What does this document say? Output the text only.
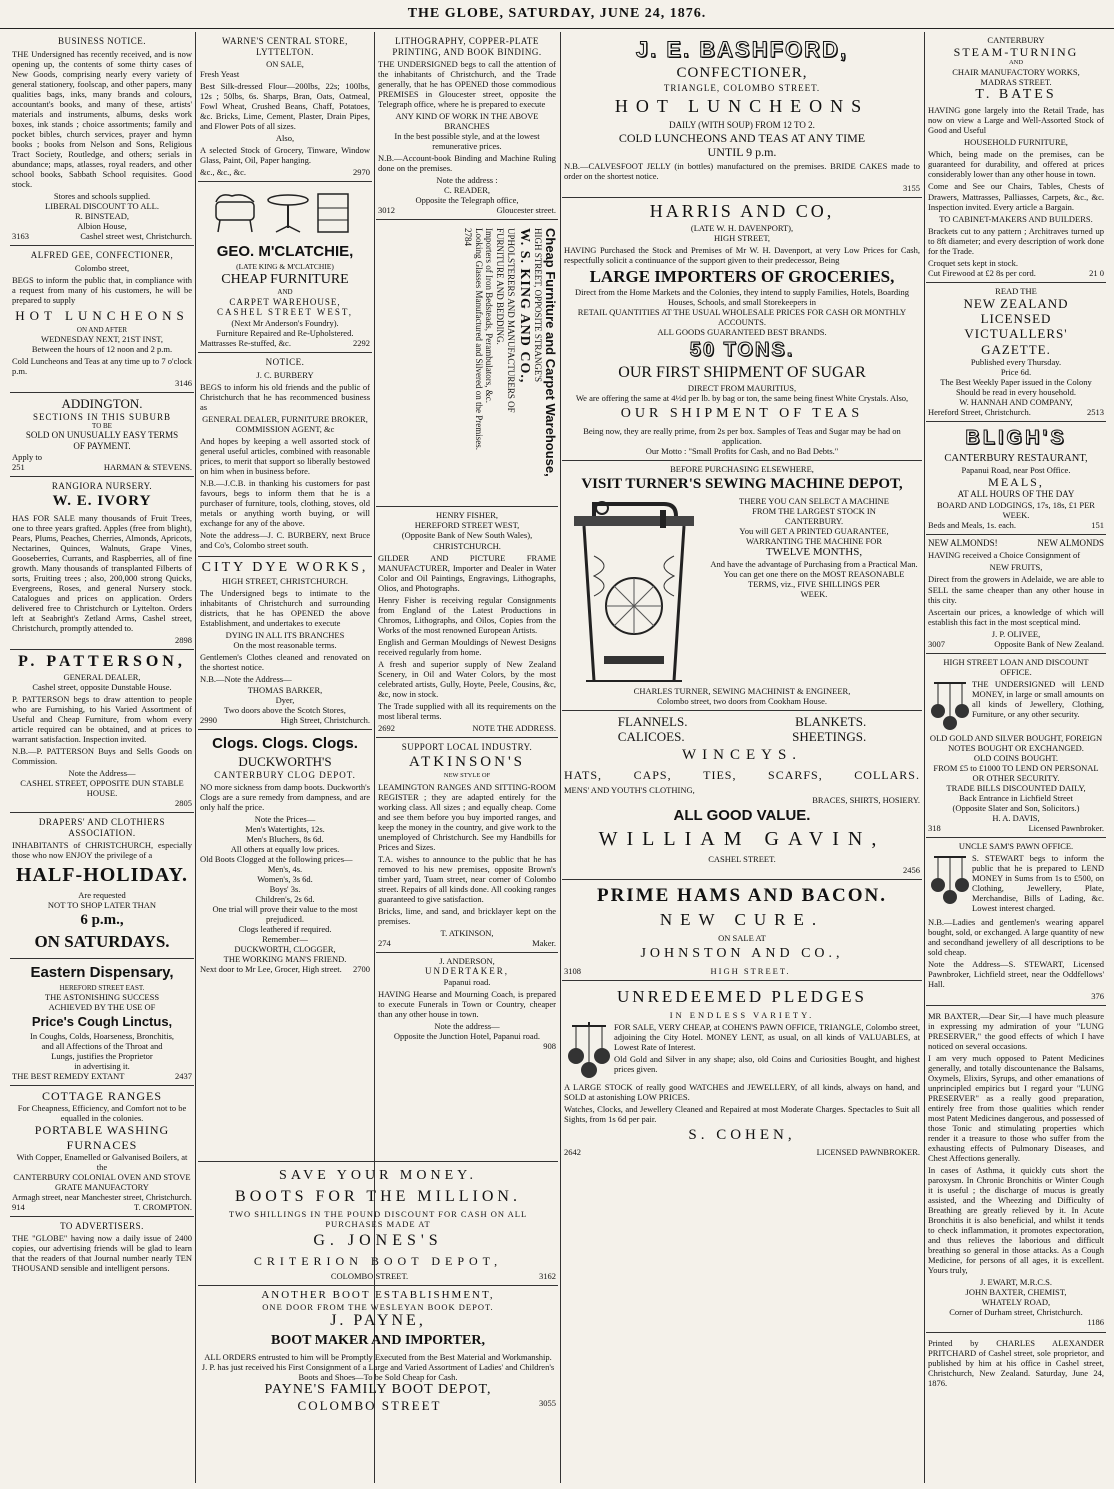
THE GLOBE, SATURDAY, JUNE 24, 1876.
BUSINESS NOTICE.
THE Undersigned has recently received, and is now opening up, the contents of some thirty cases of New Goods, comprising nearly every variety of general stationery, foolscap, and other papers, many qualities bags, inks, many brands and colours, accountant's books, and many of these, artists' materials and instruments, albums, desks work boxes, ink stands ; choice assortments; family and pocket bibles, church services, prayer and hymn books ; books from Nelson and Sons, Religious Tract Society, Routledge, and others; serials in abundance; maps, atlasses, royal readers, and other school books, Sabbath School requisites. Good stock.
Stores and schools supplied.
LIBERAL DISCOUNT TO ALL.
R. BINSTEAD,
Albion House,
3163	Cashel street west, Christchurch.
ALFRED GEE, CONFECTIONER,
Colombo street,
BEGS to inform the public that, in compliance with a request from many of his customers, he will be prepared to supply
HOT LUNCHEONS
ON AND AFTER
WEDNESDAY NEXT, 21ST INST,
Between the hours of 12 noon and 2 p.m.
Cold Luncheons and Teas at any time up to 7 o'clock p.m.
3146
ADDINGTON.
SECTIONS IN THIS SUBURB
TO BE
SOLD ON UNUSUALLY EASY TERMS
OF PAYMENT.
Apply to
251	HARMAN & STEVENS.
RANGIORA NURSERY.
W. E. IVORY
HAS FOR SALE many thousands of Fruit Trees, one to three years grafted. Apples (free from blight), Pears, Plums, Peaches, Cherries, Almonds, Apricots, Nectarines, Quinces, Walnuts, Grape Vines, Gooseberries, Currants, and Raspberries, all of fine growth. Many thousands of transplanted Filberts of sorts, Fruiting trees ; also, 200,000 strong Quicks, Evergreens, Roses, and general Nursery stock. Catalogues and prices on application. Orders delivered free to Christchurch or Lyttelton. Orders left at Seabright's Zetland Arms, Cashel street, Christchurch, promptly attended to.
2898
P. PATTERSON,
GENERAL DEALER,
Cashel street, opposite Dunstable House.
P. PATTERSON begs to draw attention to people who are Furnishing, to his Varied Assortment of Useful and Cheap Furniture, from whom every article required can be obtained, and at prices to warrant satisfaction. Inspection invited.
N.B.—P. PATTERSON Buys and Sells Goods on Commission.
Note the Address—
CASHEL STREET, OPPOSITE DUN STABLE HOUSE.
2805
DRAPERS' AND CLOTHIERS ASSOCIATION.
INHABITANTS of CHRISTCHURCH, especially those who now ENJOY the privilege of a
HALF-HOLIDAY.
Are requested
NOT TO SHOP LATER THAN
6 p.m.,
ON SATURDAYS.
Eastern Dispensary,
HEREFORD STREET EAST.
THE ASTONISHING SUCCESS
ACHIEVED BY THE USE OF
Price's Cough Linctus,
In Coughs, Colds, Hoarseness, Bronchitis,
and all Affections of the Throat and
Lungs, justifies the Proprietor
in advertising it.
THE BEST REMEDY EXTANT	2437
COTTAGE RANGES
For Cheapness, Efficiency, and Comfort not to be equalled in the colonies.
PORTABLE WASHING FURNACES
With Copper, Enamelled or Galvanised Boilers, at the
CANTERBURY COLONIAL OVEN AND STOVE GRATE MANUFACTORY
Armagh street, near Manchester street, Christchurch.
914	T. CROMPTON.
TO ADVERTISERS.
THE "GLOBE" having now a daily issue of 2400 copies, our advertising friends will be glad to learn that the readers of that Journal number nearly TEN THOUSAND sensible and intelligent persons.
WARNE'S CENTRAL STORE, LYTTELTON.
ON SALE,
Fresh Yeast
Best Silk-dressed Flour—200lbs, 22s; 100lbs, 12s ; 50lbs, 6s. Sharps, Bran, Oats, Oatmeal, Fowl Wheat, Crushed Beans, Chaff, Potatoes, &c. Bricks, Lime, Cement, Plaster, Drain Pipes, and Flower Pots of all sizes.
Also,
A selected Stock of Grocery, Tinware, Window Glass, Paint, Oil, Paper hanging.
&c., &c., &c.	2970
GEO. M'CLATCHIE,
(LATE KING & M'CLATCHIE)
CHEAP FURNITURE
AND
CARPET WAREHOUSE,
CASHEL STREET WEST,
(Next Mr Anderson's Foundry).
Furniture Repaired and Re-Upholstered.
Mattrasses Re-stuffed, &c.	2292
NOTICE.
J. C. BURBERY
BEGS to inform his old friends and the public of Christchurch that he has recommenced business as
GENERAL DEALER, FURNITURE BROKER, COMMISSION AGENT, &c
And hopes by keeping a well assorted stock of general useful articles, combined with reasonable prices, to merit that support so liberally bestowed on him when in business before.
N.B.—J.C.B. in thanking his customers for past favours, begs to inform them that he is a purchaser of furniture, tools, clothing, stoves, old metals or anything worth buying, or will exchange for any of the above.
Note the address—J. C. BURBERY, next Bruce and Co's, Colombo street south.
CITY DYE WORKS,
HIGH STREET, CHRISTCHURCH.
The Undersigned begs to intimate to the inhabitants of Christchurch and surrounding districts, that he has OPENED the above Establishment, and undertakes to execute
DYING IN ALL ITS BRANCHES
On the most reasonable terms.
Gentlemen's Clothes cleaned and renovated on the shortest notice.
N.B.—Note the Address—
THOMAS BARKER,
Dyer,
Two doors above the Scotch Stores,
2990	High Street, Christchurch.
Clogs. Clogs. Clogs.
DUCKWORTH'S
CANTERBURY CLOG DEPOT.
NO more sickness from damp boots. Duckworth's Clogs are a sure remedy from dampness, and are only half the price.
Note the Prices—
Men's Watertights, 12s.
Men's Bluchers, 8s 6d.
All others at equally low prices.
Old Boots Clogged at the following prices—
Men's, 4s.
Women's, 3s 6d.
Boys' 3s.
Children's, 2s 6d.
One trial will prove their value to the most prejudiced.
Clogs leathered if required.
Remember—
DUCKWORTH, CLOGGER,
THE WORKING MAN'S FRIEND.
Next door to Mr Lee, Grocer, High street. 2700
LITHOGRAPHY, COPPER-PLATE PRINTING, AND BOOK BINDING.
THE UNDERSIGNED begs to call the attention of the inhabitants of Christchurch, and the Trade generally, that he has OPENED those commodious PREMISES in Gloucester street, opposite the Telegraph office, where he is prepared to execute
ANY KIND OF WORK IN THE ABOVE BRANCHES
In the best possible style, and at the lowest remunerative prices.
N.B.—Account-book Binding and Machine Ruling done on the premises.
Note the address :
C. READER,
Opposite the Telegraph office,
3012	Gloucester street.
Cheap Furniture and Carpet Warehouse,
HIGH STREET, OPPOSITE STRANGE'S
W. S. KING AND CO.,
UPHOLSTERERS AND MANUFACTURERS OF
FURNITURE AND BEDDING.
Importers of Iron Bedsteads, Perambulators, &c.
Looking Glasses Manufactured and Silvered on the Premises.
2784
HENRY FISHER,
HEREFORD STREET WEST,
(Opposite Bank of New South Wales),
CHRISTCHURCH.
GILDER AND PICTURE FRAME MANUFACTURER, Importer and Dealer in Water Color and Oil Paintings, Engravings, Lithographs, Olios, and Photographs.
Henry Fisher is receiving regular Consignments from England of the Latest Productions in Chromos, Lithographs, and Oilos, Copies from the Works of the most renowned European Artists.
English and German Mouldings of Newest Designs received regularly from home.
A fresh and superior supply of New Zealand Scenery, in Oil and Water Colors, by the most celebrated artists, Gully, Hoyte, Peele, Cousins, &c, &c, now in stock.
The Trade supplied with all its requirements on the most liberal terms.
2692	NOTE THE ADDRESS.
SUPPORT LOCAL INDUSTRY.
ATKINSON'S
NEW STYLE OF
LEAMINGTON RANGES AND SITTING-ROOM REGISTER ; they are adapted entirely for the working class. All sizes ; and equally cheap. Come and see them before you buy imported ranges, and keep the money in the country, and give work to the unemployed of Christchurch. See my Handbills for Prices and Sizes.
T.A. wishes to announce to the public that he has removed to his new premises, opposite Brown's timber yard, Tuam street, near corner of Colombo street. Repairs of all kinds done. All cooking ranges guaranteed to give satisfaction.
Bricks, lime, and sand, and bricklayer kept on the premises.
T. ATKINSON,
274	Maker.
J. ANDERSON,
UNDERTAKER,
Papanui road.
HAVING Hearse and Mourning Coach, is prepared to execute Funerals in Town or Country, cheaper than any other house in town.
Note the address—
Opposite the Junction Hotel, Papanui road.
908
SAVE YOUR MONEY.
BOOTS FOR THE MILLION.
TWO SHILLINGS IN THE POUND DISCOUNT FOR CASH ON ALL
PURCHASES MADE AT
G. JONES'S
CRITERION BOOT DEPOT,
COLOMBO STREET.	3162
ANOTHER BOOT ESTABLISHMENT,
ONE DOOR FROM THE WESLEYAN BOOK DEPOT.
J. PAYNE,
BOOT MAKER AND IMPORTER,
ALL ORDERS entrusted to him will be Promptly Executed from the Best Material and Workmanship.
J. P. has just received his First Consignment of a Large and Varied Assortment of Ladies' and Children's Boots and Shoes—To be Sold Cheap for Cash.
PAYNE'S FAMILY BOOT DEPOT,
COLOMBO STREET	3055
J. E. BASHFORD,
CONFECTIONER,
TRIANGLE, COLOMBO STREET.
HOT LUNCHEONS
DAILY (WITH SOUP) FROM 12 TO 2.
COLD LUNCHEONS AND TEAS AT ANY TIME
UNTIL 9 p.m.
N.B.—CALVESFOOT JELLY (in bottles) manufactured on the premises. BRIDE CAKES made to order on the shortest notice.
3155
HARRIS AND CO,
(LATE W. H. DAVENPORT),
HIGH STREET,
HAVING Purchased the Stock and Premises of Mr W. H. Davenport, at very Low Prices for Cash, respectfully solicit a continuance of the support given to their predecessor, Being
LARGE IMPORTERS OF GROCERIES,
Direct from the Home Markets and the Colonies, they intend to supply Families, Hotels, Boarding Houses, Schools, and small Storekeepers in
RETAIL QUANTITIES AT THE USUAL WHOLESALE PRICES FOR CASH OR MONTHLY ACCOUNTS.
ALL GOODS GUARANTEED BEST BRANDS.
50 TONS.
OUR FIRST SHIPMENT OF SUGAR
DIRECT FROM MAURITIUS,
We are offering the same at 4½d per lb. by bag or ton, the same being finest White Crystals. Also,
OUR SHIPMENT OF TEAS
Being now, they are really prime, from 2s per box. Samples of Teas and Sugar may be had on application.
Our Motto : "Small Profits for Cash, and no Bad Debts."
BEFORE PURCHASING ELSEWHERE,
VISIT TURNER'S SEWING MACHINE DEPOT,
THERE YOU CAN SELECT A MACHINE
FROM THE LARGEST STOCK IN
CANTERBURY.
You will GET A PRINTED GUARANTEE,
WARRANTING THE MACHINE FOR
TWELVE MONTHS,
And have the advantage of Purchasing from a Practical Man.
You can get one there on the MOST REASONABLE
TERMS, viz., FIVE SHILLINGS PER
WEEK.
CHARLES TURNER, SEWING MACHINIST & ENGINEER,
Colombo street, two doors from Cookham House.
FLANNELS.	BLANKETS.
CALICOES.	SHEETINGS.
WINCEYS.
HATS,	CAPS,	TIES,	SCARFS,	COLLARS.
MENS' AND YOUTH'S CLOTHING,
BRACES, SHIRTS, HOSIERY.
ALL GOOD VALUE.
WILLIAM GAVIN,
CASHEL STREET.
2456
PRIME HAMS AND BACON.
NEW CURE.
ON SALE AT
JOHNSTON AND CO.,
3108	HIGH STREET.
UNREDEEMED PLEDGES
IN ENDLESS VARIETY.
FOR SALE, VERY CHEAP, at COHEN'S PAWN OFFICE, TRIANGLE, Colombo street, adjoining the City Hotel. MONEY LENT, as usual, on all kinds of VALUABLES, at Lowest Rate of Interest.
Old Gold and Silver in any shape; also, old Coins and Curiosities Bought, and highest prices given.
A LARGE STOCK of really good WATCHES and JEWELLERY, of all kinds, always on hand, and SOLD at astonishing LOW PRICES.
Watches, Clocks, and Jewellery Cleaned and Repaired at most Moderate Charges. Spectacles to Suit all Sights, from 1s 6d per pair.
S. COHEN,
2642	LICENSED PAWNBROKER.
CANTERBURY
STEAM-TURNING
AND
CHAIR MANUFACTORY WORKS,
MADRAS STREET.
T. BATES
HAVING gone largely into the Retail Trade, has now on view a Large and Well-Assorted Stock of Good and Useful
HOUSEHOLD FURNITURE,
Which, being made on the premises, can be guaranteed for durability, and offered at prices considerably lower than any other house in town.
Come and See our Chairs, Tables, Chests of Drawers, Mattrasses, Palliasses, Carpets, &c., &c. Inspection invited. Every article a Bargain.
TO CABINET-MAKERS AND BUILDERS.
Brackets cut to any pattern ; Architraves turned up to 8ft diameter; and every description of work done for the Trade.
Croquet sets kept in stock.
Cut Firewood at £2 8s per cord.	21 0
READ THE
NEW ZEALAND LICENSED
VICTUALLERS' GAZETTE.
Published every Thursday.
Price 6d.
The Best Weekly Paper issued in the Colony Should be read in every household.
W. HANNAH AND COMPANY,
Hereford Street, Christchurch.	2513
BLIGH'S
CANTERBURY RESTAURANT,
Papanui Road, near Post Office.
MEALS,
AT ALL HOURS OF THE DAY
BOARD AND LODGINGS, 17s, 18s, £1 PER WEEK.
Beds and Meals, 1s. each.	151
NEW ALMONDS!	NEW ALMONDS
HAVING received a Choice Consignment of
NEW FRUITS,
Direct from the growers in Adelaide, we are able to SELL the same cheaper than any other house in this city.
Ascertain our prices, a knowledge of which will establish this fact in the most sceptical mind.
J. P. OLIVEE,
3007	Opposite Bank of New Zealand.
HIGH STREET LOAN AND DISCOUNT OFFICE.
THE UNDERSIGNED will LEND MONEY, in large or small amounts on all kinds of Jewellery, Clothing, Furniture, or any other security.
OLD GOLD AND SILVER BOUGHT, FOREIGN NOTES BOUGHT OR EXCHANGED.
OLD COINS BOUGHT.
FROM £5 to £1000 TO LEND ON PERSONAL OR OTHER SECURITY.
TRADE BILLS DISCOUNTED DAILY,
Back Entrance in Lichfield Street
(Opposite Slater and Son, Solicitors.)
H. A. DAVIS,
318	Licensed Pawnbroker.
UNCLE SAM'S PAWN OFFICE.
S. STEWART begs to inform the public that he is prepared to LEND MONEY in Sums from 1s to £500, on Clothing, Jewellery, Plate, Merchandise, Bills of Lading, &c. Lowest interest charged.
N.B.—Ladies and gentlemen's wearing apparel bought, sold, or exchanged. A large quantity of new and secondhand jewellery of all descriptions to be sold cheap.
Note the Address—S. STEWART, Licensed Pawnbroker, Lichfield street, near the Oddfellows' Hall.
376
MR BAXTER,—Dear Sir,—I have much pleasure in expressing my admiration of your "LUNG PRESERVER," the good effects of which I have noticed on several occasions.
I am very much opposed to Patent Medicines generally, and totally discountenance the Balsams, Oxymels, Elixirs, Syrups, and other emanations of unprincipled empirics but I regard your "LUNG PRESERVER" as a really good preparation, entirely free from those qualities which render most Patent Medicines dangerous, and possessed of those Tonic and stimulating properties which render it a treasure to those who suffer from the exhausting effects of Pulmonary Diseases, and Chest Affections generally.
In cases of Asthma, it quickly cuts short the paroxysm. In Chronic Bronchitis or Winter Cough it is useful ; the discharge of mucus is greatly assisted, and the Wheezing and Difficulty of Breathing are greatly relieved by it. In Acute Bronchitis it is also beneficial, and whilst it tends to check inflammation, it promotes expectoration, and thus relieves the laborious and difficult breathing so general in those attacks. As a Cough Medicine, for persons of all ages, it is excellent. Yours truly,
J. EWART, M.R.C.S.
JOHN BAXTER, CHEMIST,
WHATELY ROAD,
Corner of Durham street, Christchurch.
1186
Printed by CHARLES ALEXANDER PRITCHARD of Cashel street, sole proprietor, and published by him at his office in Cashel street, Christchurch, New Zealand. Saturday, June 24, 1876.
